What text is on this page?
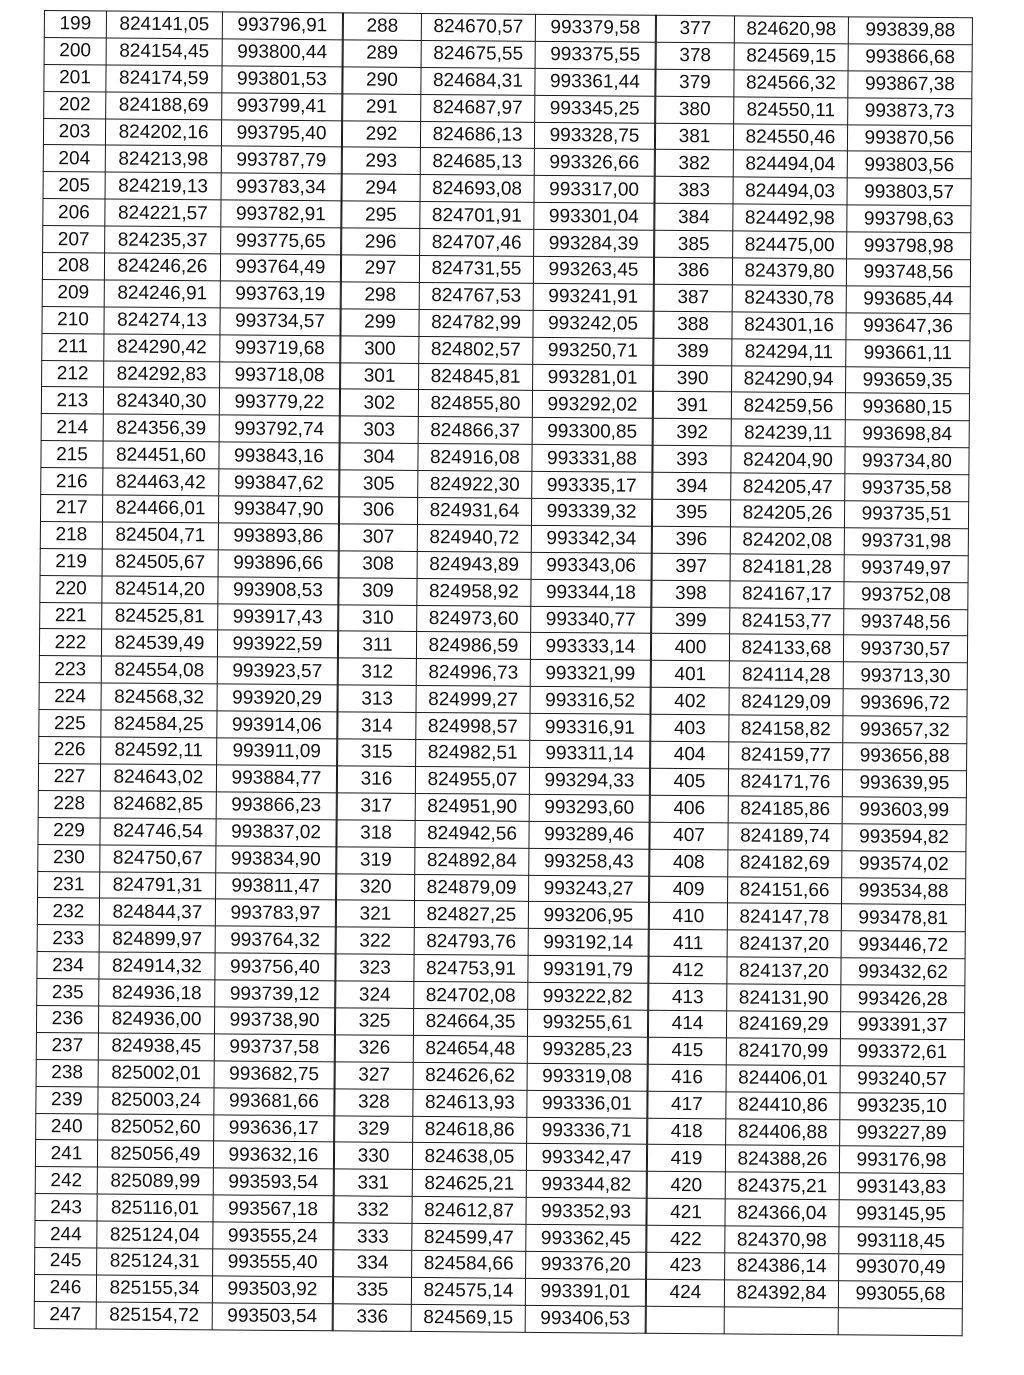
199	824141,05	993796,91
200	824154,45	993800,44
201	824174,59	993801,53
202	824188,69	993799,41
203	824202,16	993795,40
204	824213,98	993787,79
205	824219,13	993783,34
206	824221,57	993782,91
207	824235,37	993775,65
208	824246,26	993764,49
209	824246,91	993763,19
210	824274,13	993734,57
211	824290,42	993719,68
212	824292,83	993718,08
213	824340,30	993779,22
214	824356,39	993792,74
215	824451,60	993843,16
216	824463,42	993847,62
217	824466,01	993847,90
218	824504,71	993893,86
219	824505,67	993896,66
220	824514,20	993908,53
221	824525,81	993917,43
222	824539,49	993922,59
223	824554,08	993923,57
224	824568,32	993920,29
225	824584,25	993914,06
226	824592,11	993911,09
227	824643,02	993884,77
228	824682,85	993866,23
229	824746,54	993837,02
230	824750,67	993834,90
231	824791,31	993811,47
232	824844,37	993783,97
233	824899,97	993764,32
234	824914,32	993756,40
235	824936,18	993739,12
236	824936,00	993738,90
237	824938,45	993737,58
238	825002,01	993682,75
239	825003,24	993681,66
240	825052,60	993636,17
241	825056,49	993632,16
242	825089,99	993593,54
243	825116,01	993567,18
244	825124,04	993555,24
245	825124,31	993555,40
246	825155,34	993503,92
247	825154,72	993503,54
288	824670,57	993379,58
289	824675,55	993375,55
290	824684,31	993361,44
291	824687,97	993345,25
292	824686,13	993328,75
293	824685,13	993326,66
294	824693,08	993317,00
295	824701,91	993301,04
296	824707,46	993284,39
297	824731,55	993263,45
298	824767,53	993241,91
299	824782,99	993242,05
300	824802,57	993250,71
301	824845,81	993281,01
302	824855,80	993292,02
303	824866,37	993300,85
304	824916,08	993331,88
305	824922,30	993335,17
306	824931,64	993339,32
307	824940,72	993342,34
308	824943,89	993343,06
309	824958,92	993344,18
310	824973,60	993340,77
311	824986,59	993333,14
312	824996,73	993321,99
313	824999,27	993316,52
314	824998,57	993316,91
315	824982,51	993311,14
316	824955,07	993294,33
317	824951,90	993293,60
318	824942,56	993289,46
319	824892,84	993258,43
320	824879,09	993243,27
321	824827,25	993206,95
322	824793,76	993192,14
323	824753,91	993191,79
324	824702,08	993222,82
325	824664,35	993255,61
326	824654,48	993285,23
327	824626,62	993319,08
328	824613,93	993336,01
329	824618,86	993336,71
330	824638,05	993342,47
331	824625,21	993344,82
332	824612,87	993352,93
333	824599,47	993362,45
334	824584,66	993376,20
335	824575,14	993391,01
336	824569,15	993406,53
377	824620,98	993839,88
378	824569,15	993866,68
379	824566,32	993867,38
380	824550,11	993873,73
381	824550,46	993870,56
382	824494,04	993803,56
383	824494,03	993803,57
384	824492,98	993798,63
385	824475,00	993798,98
386	824379,80	993748,56
387	824330,78	993685,44
388	824301,16	993647,36
389	824294,11	993661,11
390	824290,94	993659,35
391	824259,56	993680,15
392	824239,11	993698,84
393	824204,90	993734,80
394	824205,47	993735,58
395	824205,26	993735,51
396	824202,08	993731,98
397	824181,28	993749,97
398	824167,17	993752,08
399	824153,77	993748,56
400	824133,68	993730,57
401	824114,28	993713,30
402	824129,09	993696,72
403	824158,82	993657,32
404	824159,77	993656,88
405	824171,76	993639,95
406	824185,86	993603,99
407	824189,74	993594,82
408	824182,69	993574,02
409	824151,66	993534,88
410	824147,78	993478,81
411	824137,20	993446,72
412	824137,20	993432,62
413	824131,90	993426,28
414	824169,29	993391,37
415	824170,99	993372,61
416	824406,01	993240,57
417	824410,86	993235,10
418	824406,88	993227,89
419	824388,26	993176,98
420	824375,21	993143,83
421	824366,04	993145,95
422	824370,98	993118,45
423	824386,14	993070,49
424	824392,84	993055,68
